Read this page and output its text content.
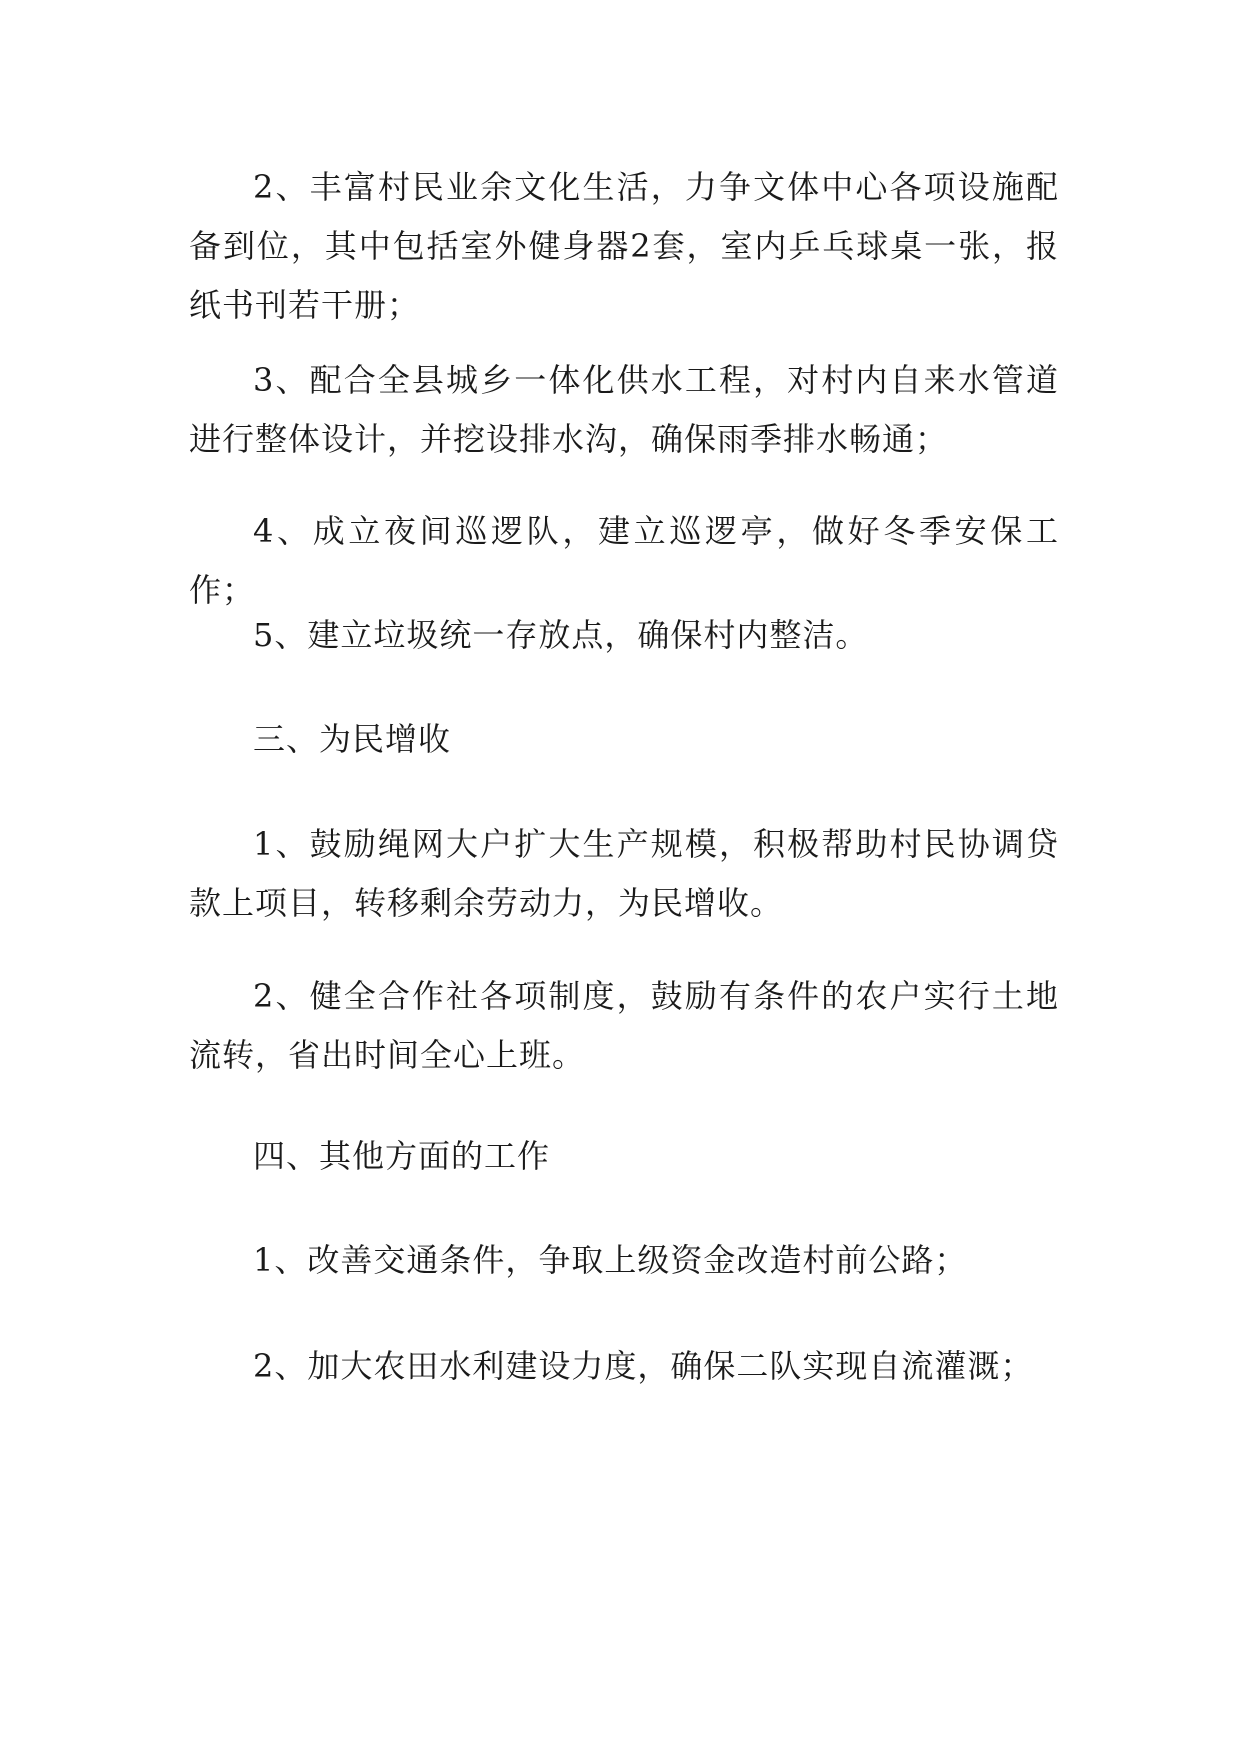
2、丰富村民业余文化生活，力争文体中心各项设施配备到位，其中包括室外健身器2套，室内乒乓球桌一张，报纸书刊若干册；

3、配合全县城乡一体化供水工程，对村内自来水管道进行整体设计，并挖设排水沟，确保雨季排水畅通；

4、成立夜间巡逻队，建立巡逻亭，做好冬季安保工作；

5、建立垃圾统一存放点，确保村内整洁。

三、为民增收

1、鼓励绳网大户扩大生产规模，积极帮助村民协调贷款上项目，转移剩余劳动力，为民增收。

2、健全合作社各项制度，鼓励有条件的农户实行土地流转，省出时间全心上班。

四、其他方面的工作

1、改善交通条件，争取上级资金改造村前公路；

2、加大农田水利建设力度，确保二队实现自流灌溉；
